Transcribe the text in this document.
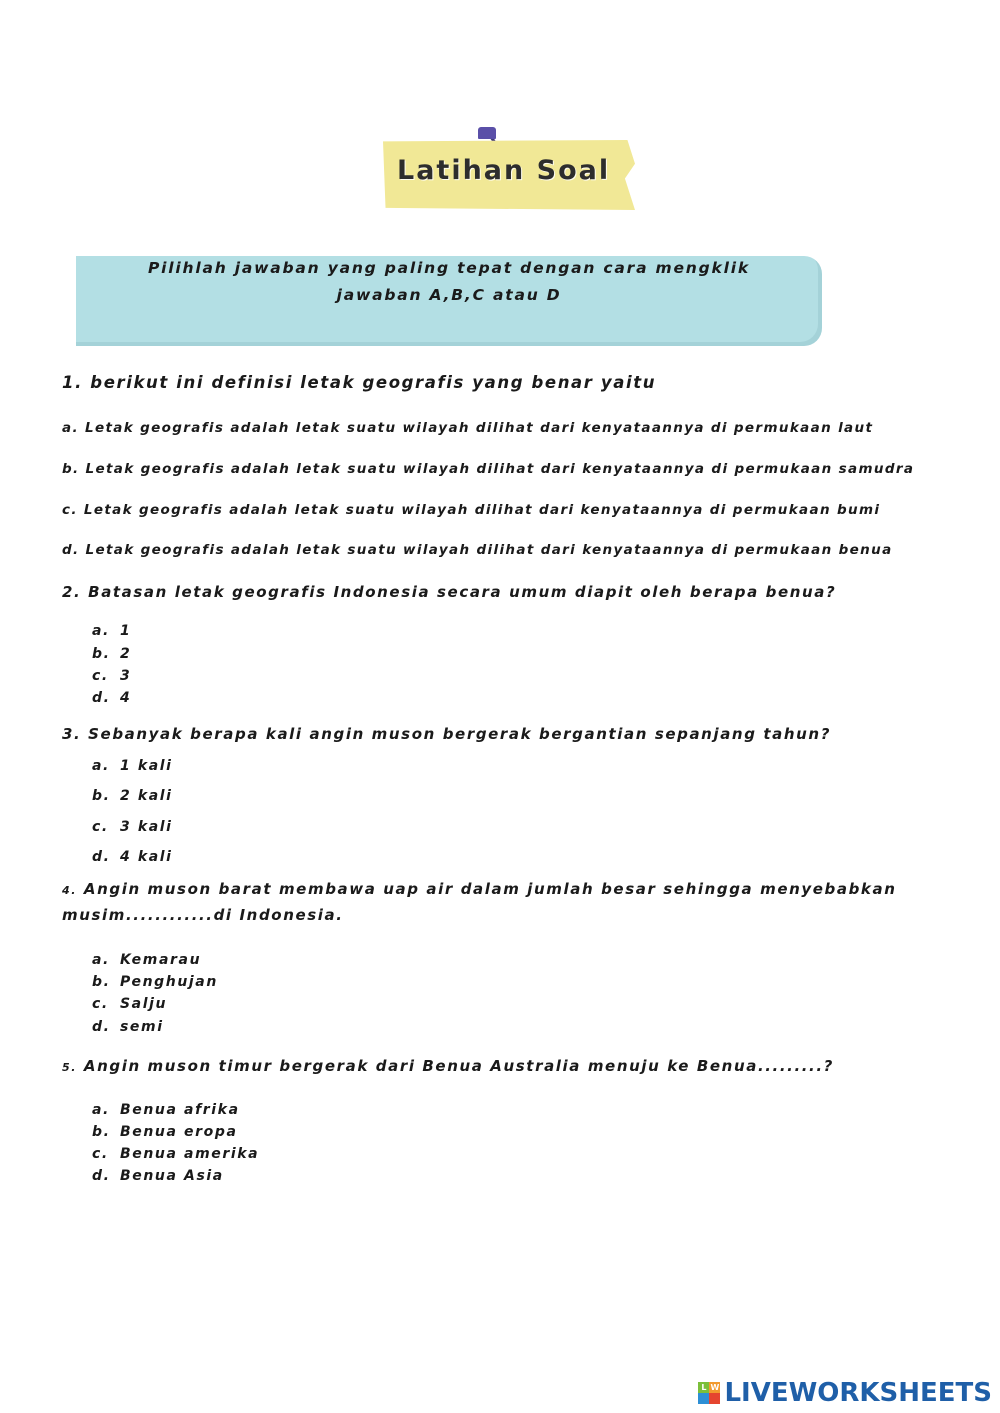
Latihan Soal
Pilihlah jawaban yang paling tepat dengan cara mengklik
jawaban A,B,C atau D
1. berikut ini definisi letak geografis yang benar yaitu
a. Letak geografis adalah letak suatu wilayah dilihat dari kenyataannya di permukaan laut
b. Letak geografis adalah letak suatu wilayah dilihat dari kenyataannya di permukaan samudra
c. Letak geografis adalah letak suatu wilayah dilihat dari kenyataannya di permukaan bumi
d. Letak geografis adalah letak suatu wilayah dilihat dari kenyataannya di permukaan benua
2. Batasan letak geografis Indonesia secara umum diapit oleh berapa benua?
a. 1
b. 2
c. 3
d. 4
3. Sebanyak berapa kali angin muson bergerak bergantian sepanjang tahun?
a. 1 kali
b. 2 kali
c. 3 kali
d. 4 kali
4. Angin muson barat membawa uap air dalam jumlah besar sehingga menyebabkan
musim............di Indonesia.
a. Kemarau
b. Penghujan
c. Salju
d. semi
5. Angin muson timur bergerak dari Benua Australia menuju ke Benua.........?
a. Benua afrika
b. Benua eropa
c. Benua amerika
d. Benua Asia
L W LIVEWORKSHEETS
